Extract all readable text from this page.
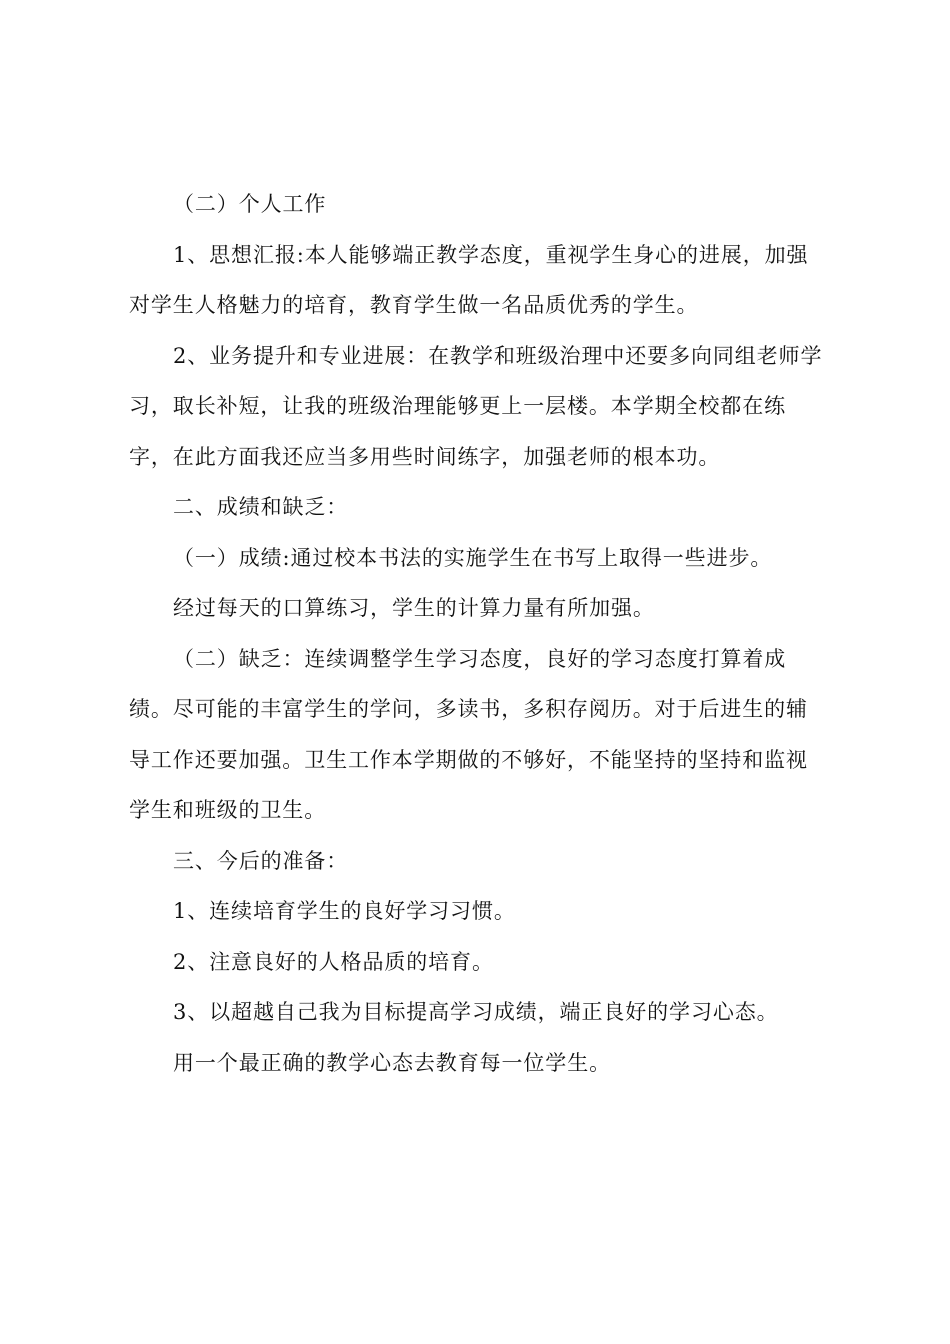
（二）个人工作
1、思想汇报:本人能够端正教学态度，重视学生身心的进展，加强
对学生人格魅力的培育，教育学生做一名品质优秀的学生。
2、业务提升和专业进展：在教学和班级治理中还要多向同组老师学
习，取长补短，让我的班级治理能够更上一层楼。本学期全校都在练
字，在此方面我还应当多用些时间练字，加强老师的根本功。
二、成绩和缺乏：
（一）成绩:通过校本书法的实施学生在书写上取得一些进步。
经过每天的口算练习，学生的计算力量有所加强。
（二）缺乏：连续调整学生学习态度，良好的学习态度打算着成
绩。尽可能的丰富学生的学问，多读书，多积存阅历。对于后进生的辅
导工作还要加强。卫生工作本学期做的不够好，不能坚持的坚持和监视
学生和班级的卫生。
三、今后的准备：
1、连续培育学生的良好学习习惯。
2、注意良好的人格品质的培育。
3、以超越自己我为目标提高学习成绩，端正良好的学习心态。
用一个最正确的教学心态去教育每一位学生。
